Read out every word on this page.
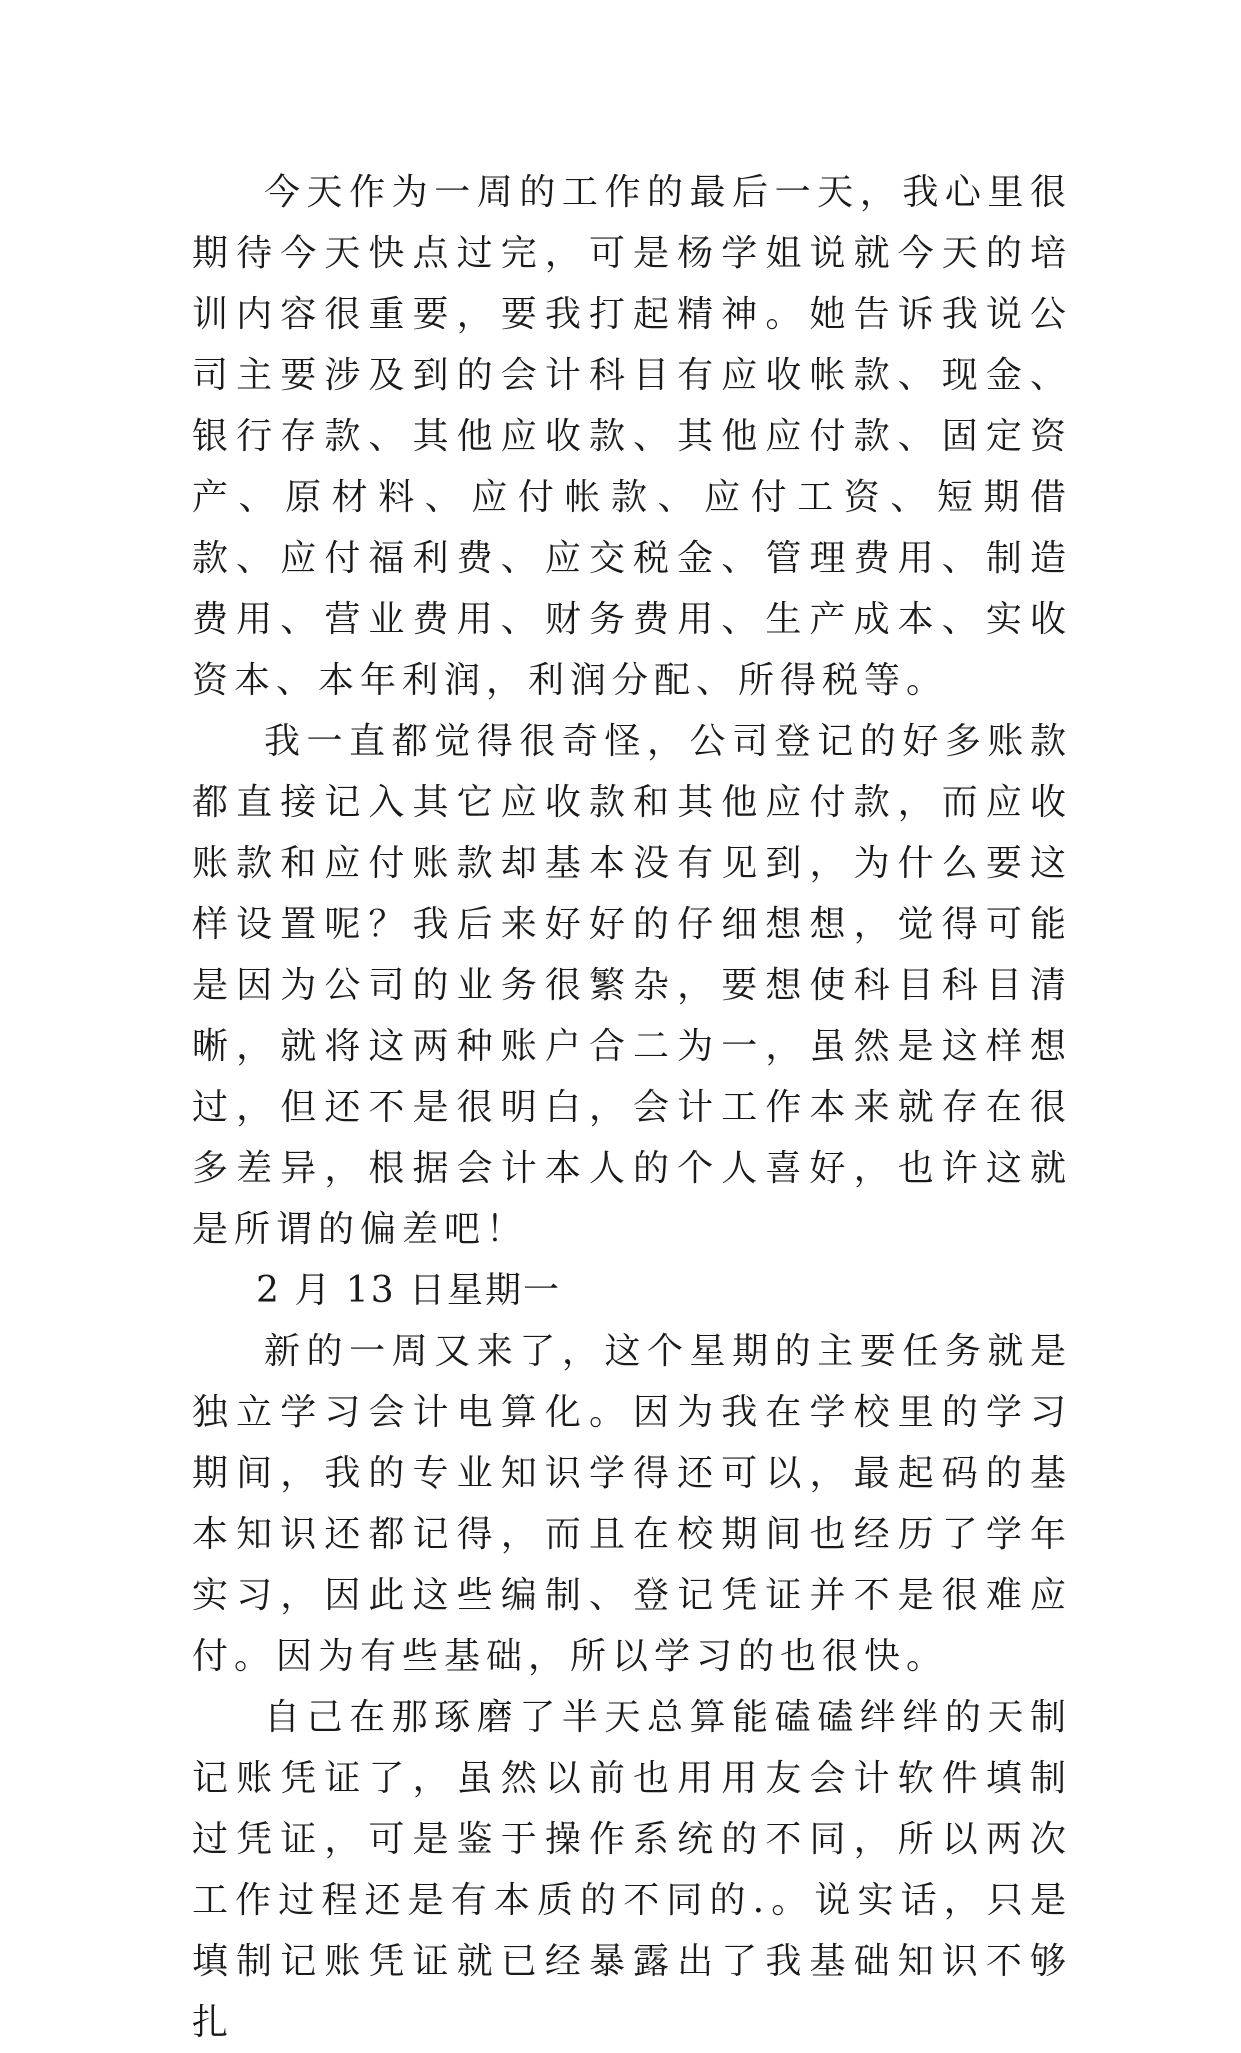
今天作为一周的工作的最后一天，我心里很期待今天快点过完，可是杨学姐说就今天的培训内容很重要，要我打起精神。她告诉我说公司主要涉及到的会计科目有应收帐款、现金、银行存款、其他应收款、其他应付款、固定资产、原材料、应付帐款、应付工资、短期借款、应付福利费、应交税金、管理费用、制造费用、营业费用、财务费用、生产成本、实收资本、本年利润，利润分配、所得税等。

我一直都觉得很奇怪，公司登记的好多账款都直接记入其它应收款和其他应付款，而应收账款和应付账款却基本没有见到，为什么要这样设置呢？我后来好好的仔细想想，觉得可能是因为公司的业务很繁杂，要想使科目科目清晰，就将这两种账户合二为一，虽然是这样想过，但还不是很明白，会计工作本来就存在很多差异，根据会计本人的个人喜好，也许这就是所谓的偏差吧！

2 月 13 日星期一

新的一周又来了，这个星期的主要任务就是独立学习会计电算化。因为我在学校里的学习期间，我的专业知识学得还可以，最起码的基本知识还都记得，而且在校期间也经历了学年实习，因此这些编制、登记凭证并不是很难应付。因为有些基础，所以学习的也很快。

自己在那琢磨了半天总算能磕磕绊绊的天制记账凭证了，虽然以前也用用友会计软件填制过凭证，可是鉴于操作系统的不同，所以两次工作过程还是有本质的不同的.。说实话，只是填制记账凭证就已经暴露出了我基础知识不够扎
